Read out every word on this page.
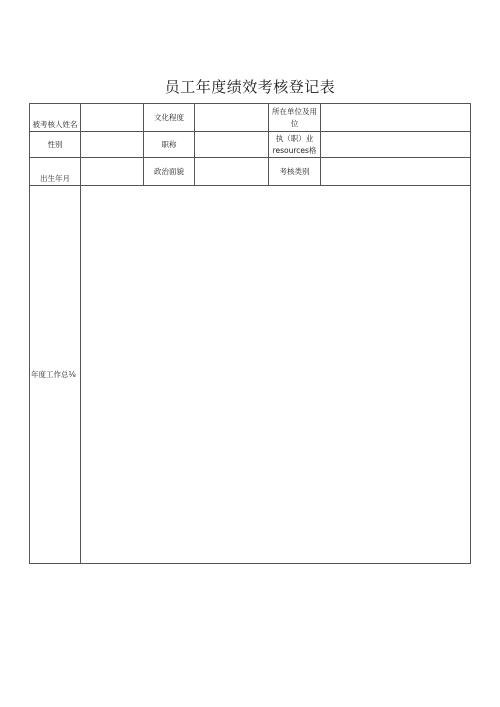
员工年度绩效考核登记表
被考核人姓名		文化程度		所在单位及用位	
性别		职称		执（职）业resources格	
出生年月		政治面貌		考核类别	

年度工作总⅛					
